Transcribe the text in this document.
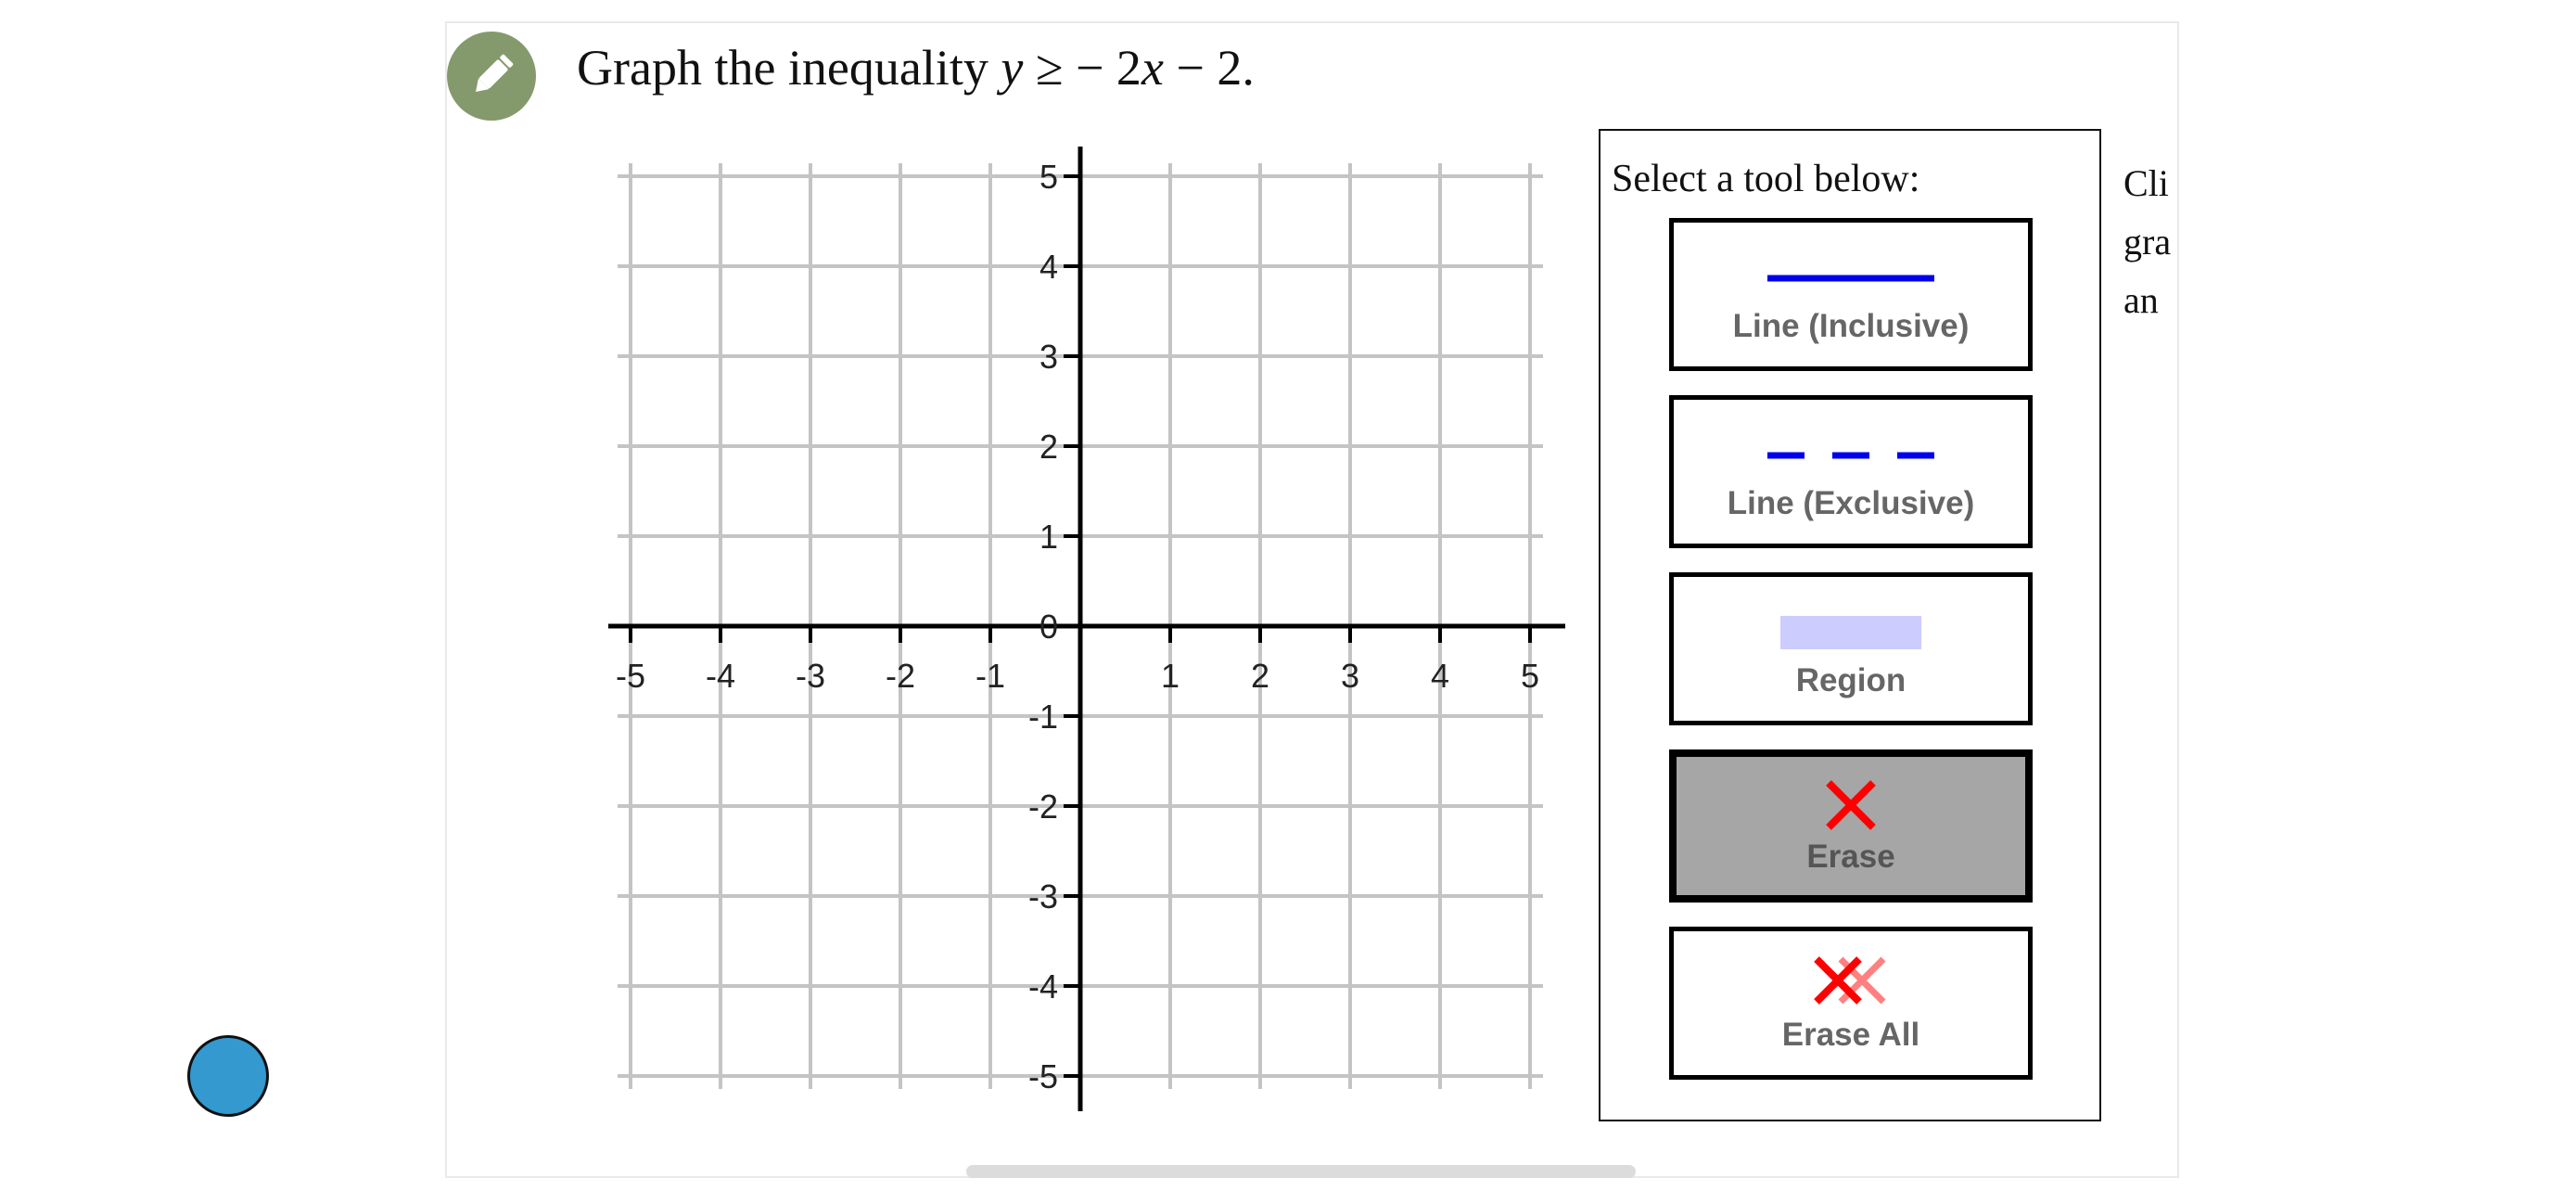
Graph the inequality y ≥ − 2x − 2.
-5 -4 -3 -2 -1	1 2 3 4 5
5
4
3
2
1
0
-1
-2
-3
-4
-5
Select a tool below:
Line (Inclusive)
Line (Exclusive)
Region
Erase
Erase All
Cli
gra
an
